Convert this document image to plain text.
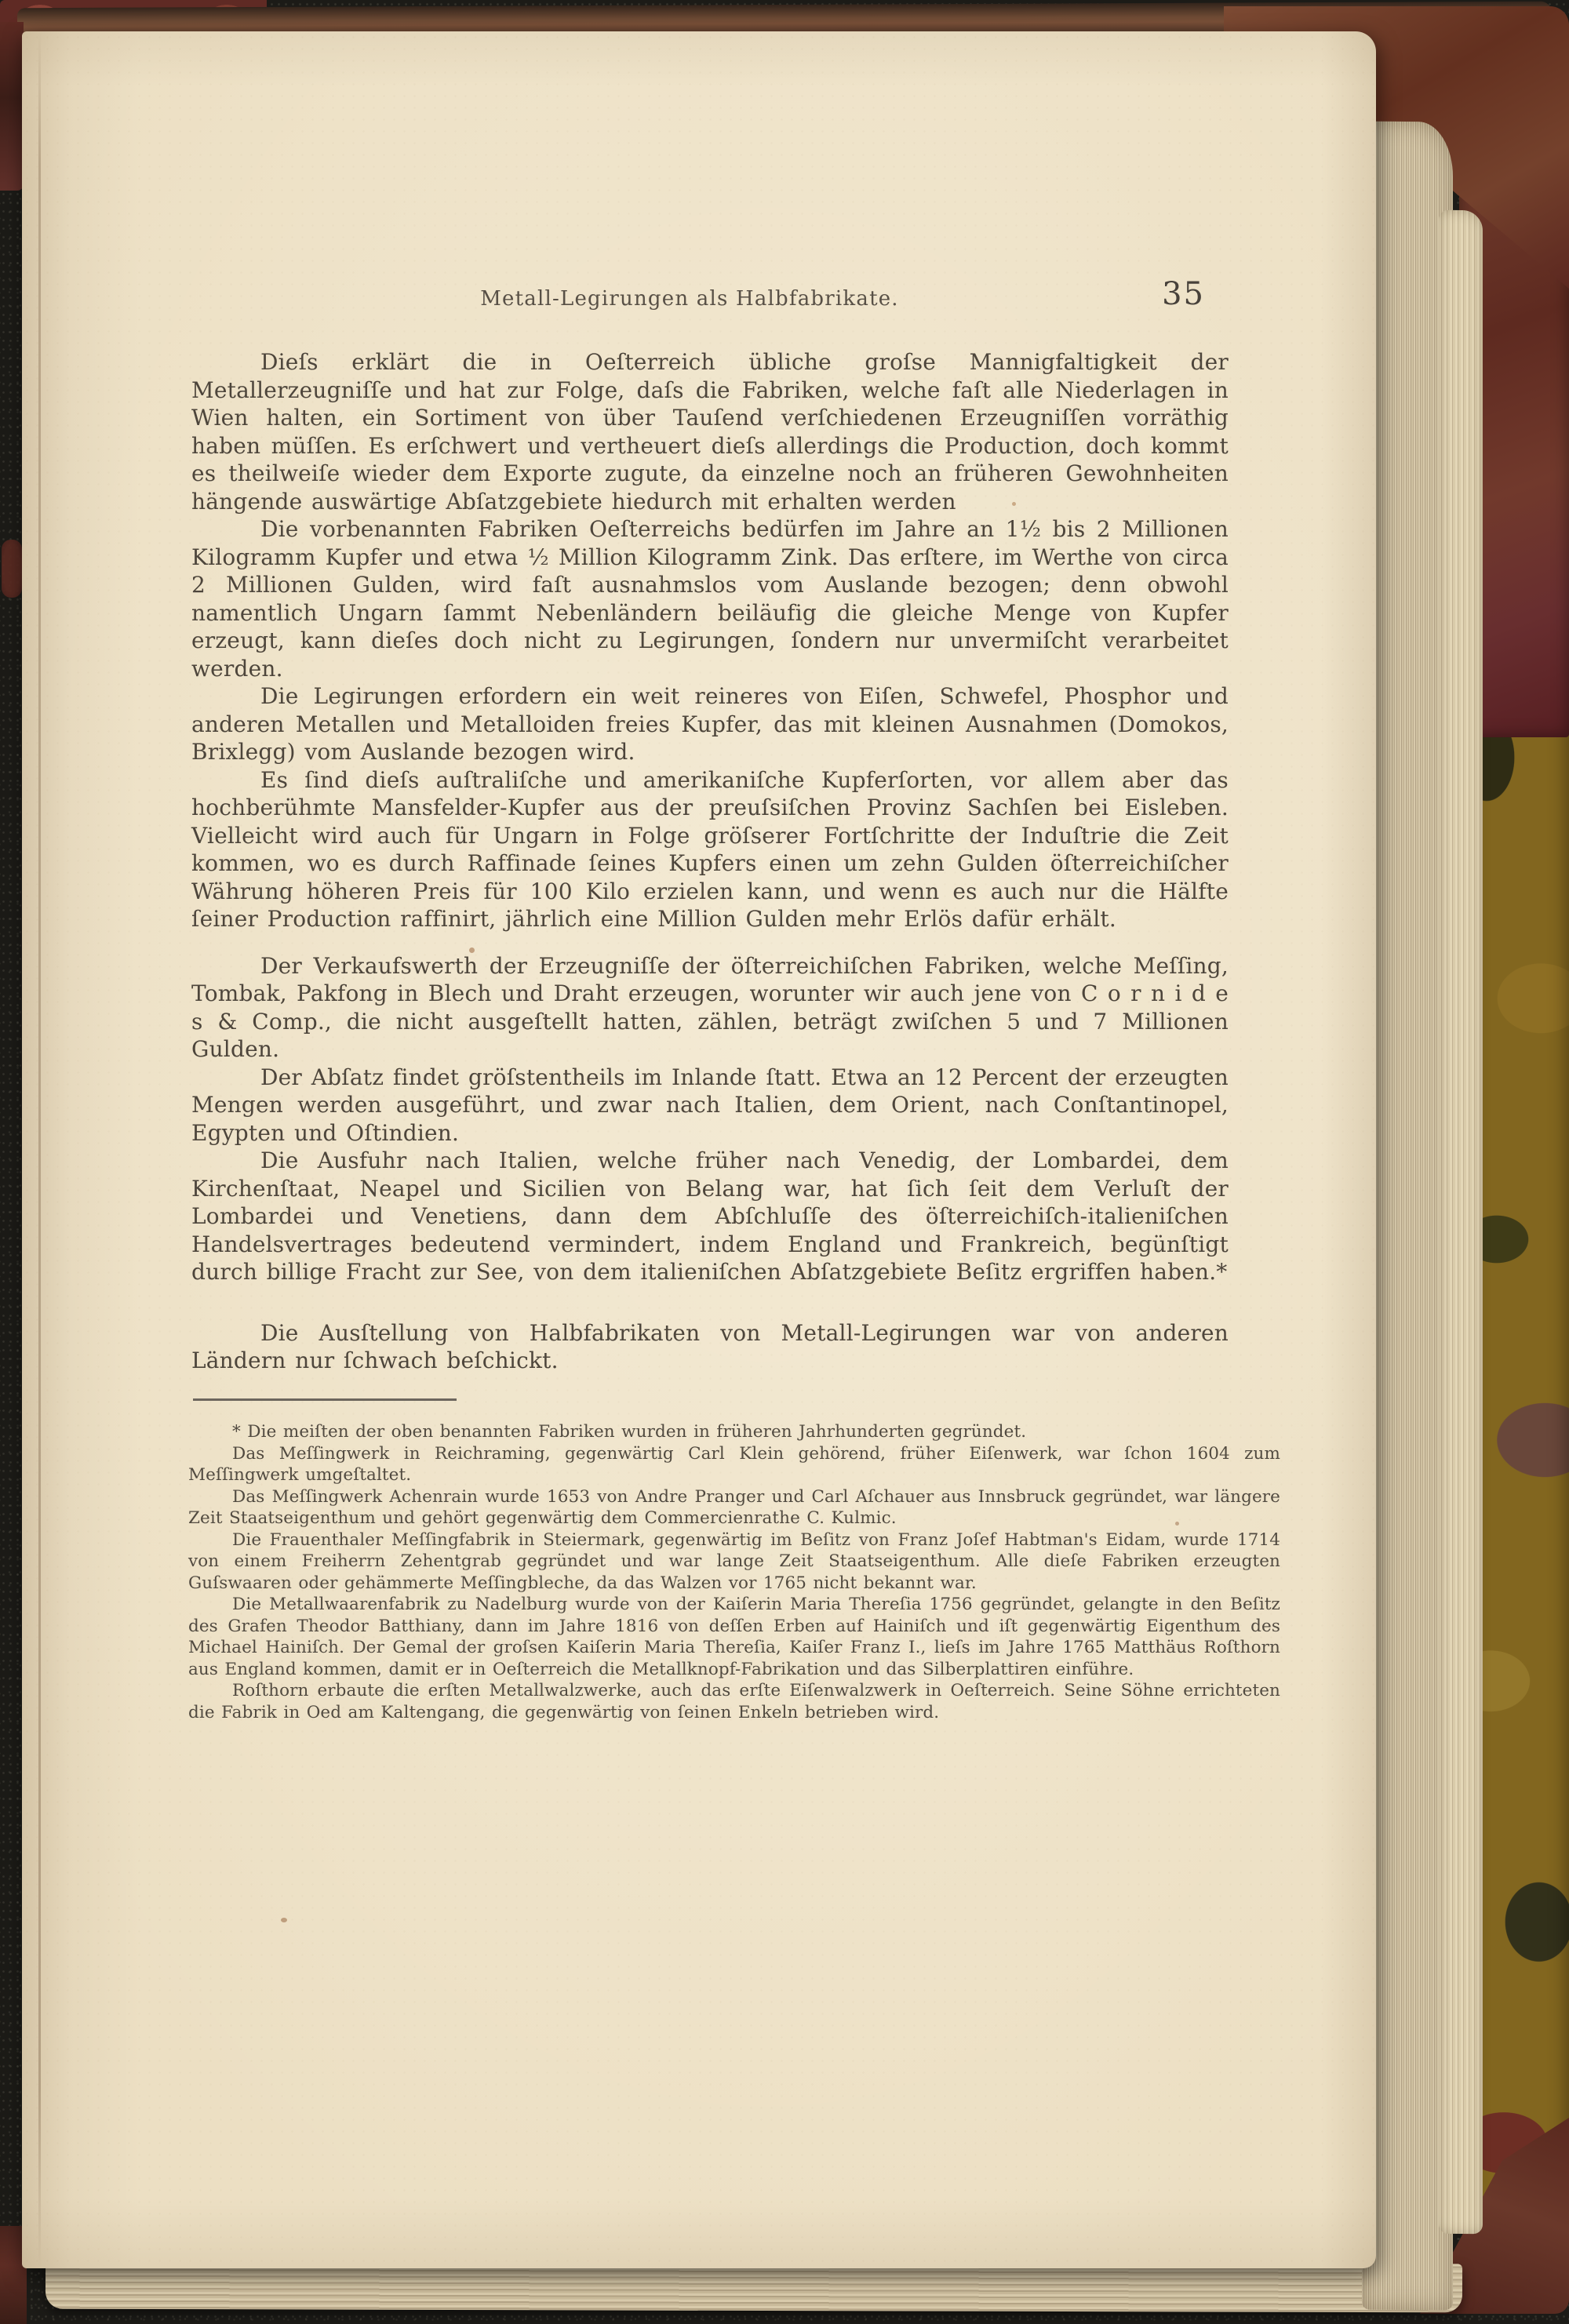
Metall-Legirungen als Halbfabrikate.	35

Dieſs erklärt die in Oeſterreich übliche groſse Mannigfaltigkeit der Metallerzeugniſſe und hat zur Folge, daſs die Fabriken, welche faſt alle Niederlagen in Wien halten, ein Sortiment von über Tauſend verſchiedenen Erzeugniſſen vorräthig haben müſſen. Es erſchwert und vertheuert dieſs allerdings die Production, doch kommt es theilweiſe wieder dem Exporte zugute, da einzelne noch an früheren Gewohnheiten hängende auswärtige Abſatzgebiete hiedurch mit erhalten werden

Die vorbenannten Fabriken Oeſterreichs bedürfen im Jahre an 1½ bis 2 Millionen Kilogramm Kupfer und etwa ½ Million Kilogramm Zink. Das erſtere, im Werthe von circa 2 Millionen Gulden, wird faſt ausnahmslos vom Auslande bezogen; denn obwohl namentlich Ungarn ſammt Nebenländern beiläufig die gleiche Menge von Kupfer erzeugt, kann dieſes doch nicht zu Legirungen, ſondern nur unvermiſcht verarbeitet werden.

Die Legirungen erfordern ein weit reineres von Eiſen, Schwefel, Phosphor und anderen Metallen und Metalloiden freies Kupfer, das mit kleinen Ausnahmen (Domokos, Brixlegg) vom Auslande bezogen wird.

Es ſind dieſs auſtraliſche und amerikaniſche Kupferſorten, vor allem aber das hochberühmte Mansfelder-Kupfer aus der preuſsiſchen Provinz Sachſen bei Eisleben. Vielleicht wird auch für Ungarn in Folge gröſserer Fortſchritte der Induſtrie die Zeit kommen, wo es durch Raffinade ſeines Kupfers einen um zehn Gulden öſterreichiſcher Währung höheren Preis für 100 Kilo erzielen kann, und wenn es auch nur die Hälfte ſeiner Production raffinirt, jährlich eine Million Gulden mehr Erlös dafür erhält.

Der Verkaufswerth der Erzeugniſſe der öſterreichiſchen Fabriken, welche Meſſing, Tombak, Pakfong in Blech und Draht erzeugen, worunter wir auch jene von C o r n i d e s & Comp., die nicht ausgeſtellt hatten, zählen, beträgt zwiſchen 5 und 7 Millionen Gulden.

Der Abſatz findet gröſstentheils im Inlande ſtatt. Etwa an 12 Percent der erzeugten Mengen werden ausgeführt, und zwar nach Italien, dem Orient, nach Conſtantinopel, Egypten und Oſtindien.

Die Ausfuhr nach Italien, welche früher nach Venedig, der Lombardei, dem Kirchenſtaat, Neapel und Sicilien von Belang war, hat ſich ſeit dem Verluſt der Lombardei und Venetiens, dann dem Abſchluſſe des öſterreichiſch-italieniſchen Handelsvertrages bedeutend vermindert, indem England und Frankreich, begünſtigt durch billige Fracht zur See, von dem italieniſchen Abſatzgebiete Beſitz ergriffen haben.*

Die Ausſtellung von Halbfabrikaten von Metall-Legirungen war von anderen Ländern nur ſchwach beſchickt.

* Die meiſten der oben benannten Fabriken wurden in früheren Jahrhunderten gegründet.

Das Meſſingwerk in Reichraming, gegenwärtig Carl Klein gehörend, früher Eiſenwerk, war ſchon 1604 zum Meſſingwerk umgeſtaltet.

Das Meſſingwerk Achenrain wurde 1653 von Andre Pranger und Carl Aſchauer aus Innsbruck gegründet, war längere Zeit Staatseigenthum und gehört gegenwärtig dem Commercienrathe C. Kulmic.

Die Frauenthaler Meſſingfabrik in Steiermark, gegenwärtig im Beſitz von Franz Joſef Habtman's Eidam, wurde 1714 von einem Freiherrn Zehentgrab gegründet und war lange Zeit Staatseigenthum. Alle dieſe Fabriken erzeugten Guſswaaren oder gehämmerte Meſſingbleche, da das Walzen vor 1765 nicht bekannt war.

Die Metallwaarenfabrik zu Nadelburg wurde von der Kaiſerin Maria Thereſia 1756 gegründet, gelangte in den Beſitz des Grafen Theodor Batthiany, dann im Jahre 1816 von deſſen Erben auf Hainiſch und iſt gegenwärtig Eigenthum des Michael Hainiſch. Der Gemal der groſsen Kaiſerin Maria Thereſia, Kaiſer Franz I., lieſs im Jahre 1765 Matthäus Roſthorn aus England kommen, damit er in Oeſterreich die Metallknopf-Fabrikation und das Silberplattiren einführe.

Roſthorn erbaute die erſten Metallwalzwerke, auch das erſte Eiſenwalzwerk in Oeſterreich. Seine Söhne errichteten die Fabrik in Oed am Kaltengang, die gegenwärtig von ſeinen Enkeln betrieben wird.
